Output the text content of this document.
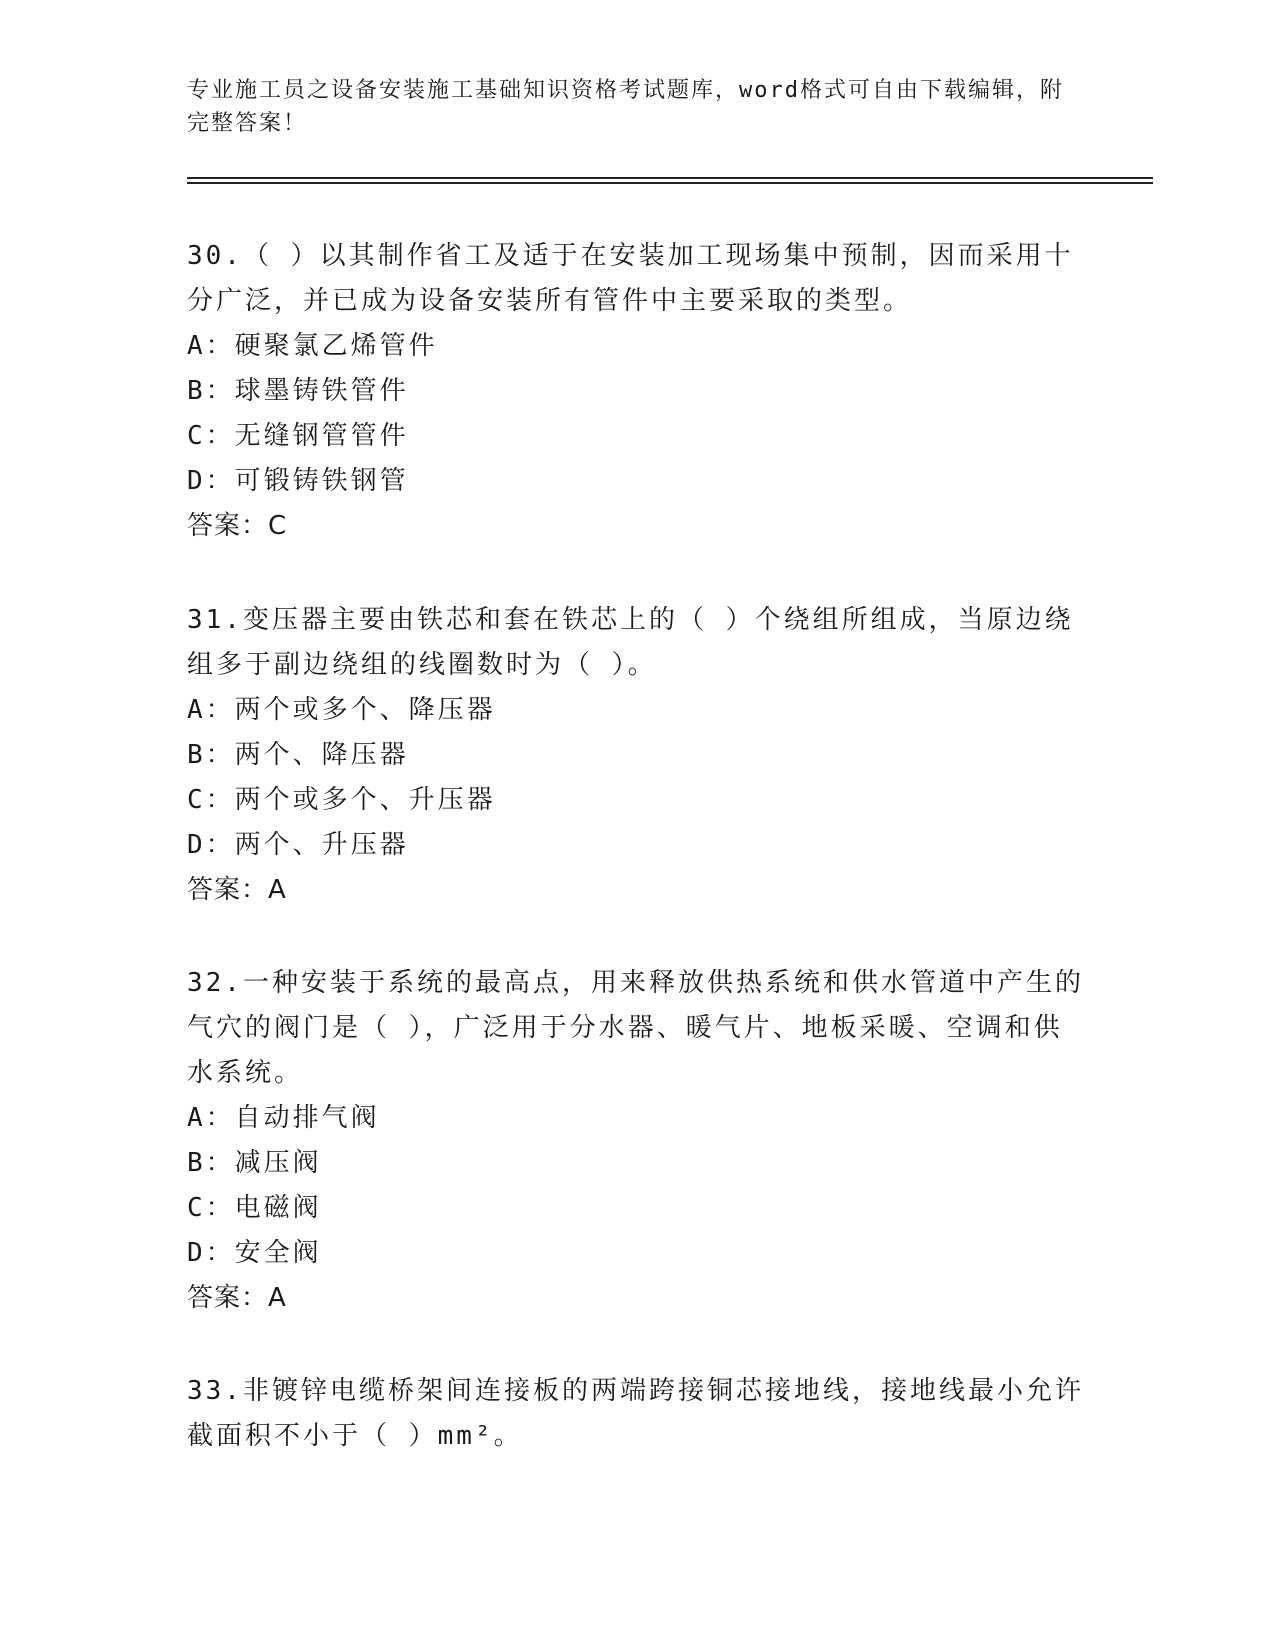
专业施工员之设备安装施工基础知识资格考试题库，word格式可自由下载编辑，附完整答案！

30.（ ）以其制作省工及适于在安装加工现场集中预制，因而采用十分广泛，并已成为设备安装所有管件中主要采取的类型。

A：硬聚氯乙烯管件

B：球墨铸铁管件

C：无缝钢管管件

D：可锻铸铁钢管

答案：C

31.变压器主要由铁芯和套在铁芯上的（ ）个绕组所组成，当原边绕组多于副边绕组的线圈数时为（ ）。

A：两个或多个、降压器

B：两个、降压器

C：两个或多个、升压器

D：两个、升压器

答案：A

32.一种安装于系统的最高点，用来释放供热系统和供水管道中产生的气穴的阀门是（ ），广泛用于分水器、暖气片、地板采暖、空调和供水系统。

A：自动排气阀

B：减压阀

C：电磁阀

D：安全阀

答案：A

33.非镀锌电缆桥架间连接板的两端跨接铜芯接地线，接地线最小允许截面积不小于（ ）mm²。
